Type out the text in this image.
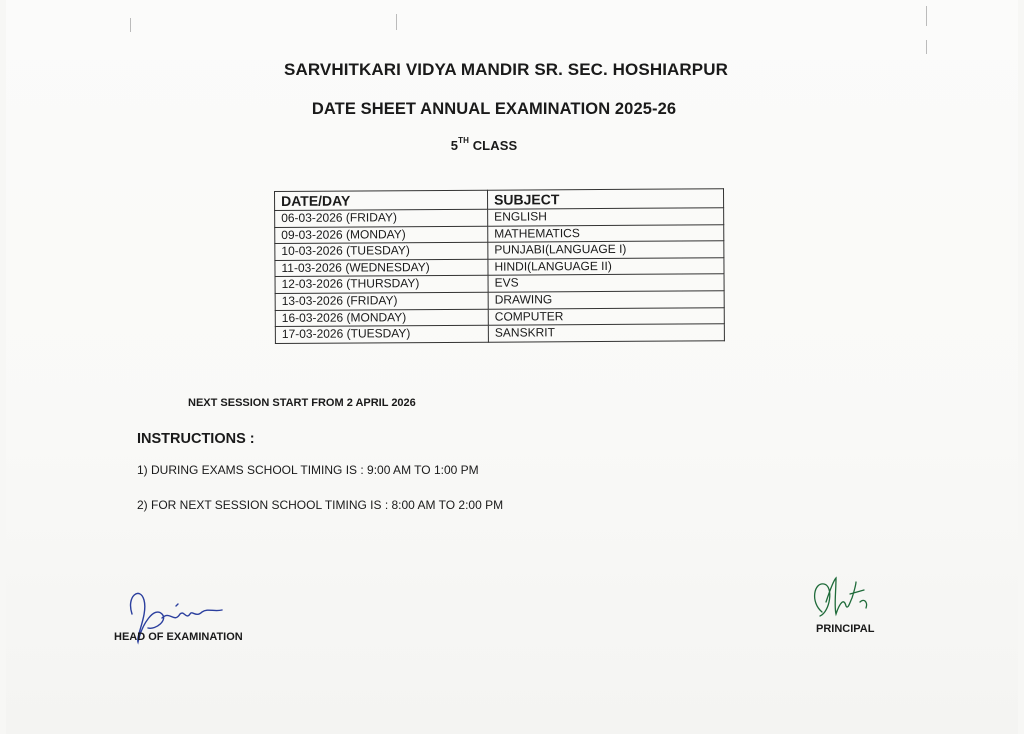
SARVHITKARI VIDYA MANDIR SR. SEC. HOSHIARPUR
DATE SHEET ANNUAL EXAMINATION 2025-26
5TH CLASS
DATE/DAY	SUBJECT
06-03-2026 (FRIDAY)	ENGLISH
09-03-2026 (MONDAY)	MATHEMATICS
10-03-2026 (TUESDAY)	PUNJABI(LANGUAGE I)
11-03-2026 (WEDNESDAY)	HINDI(LANGUAGE II)
12-03-2026 (THURSDAY)	EVS
13-03-2026 (FRIDAY)	DRAWING
16-03-2026 (MONDAY)	COMPUTER
17-03-2026 (TUESDAY)	SANSKRIT
NEXT SESSION START FROM 2 APRIL 2026
INSTRUCTIONS :
1) DURING EXAMS SCHOOL TIMING IS : 9:00 AM TO 1:00 PM
2) FOR NEXT SESSION SCHOOL TIMING IS : 8:00 AM TO 2:00 PM
HEAD OF EXAMINATION
PRINCIPAL
